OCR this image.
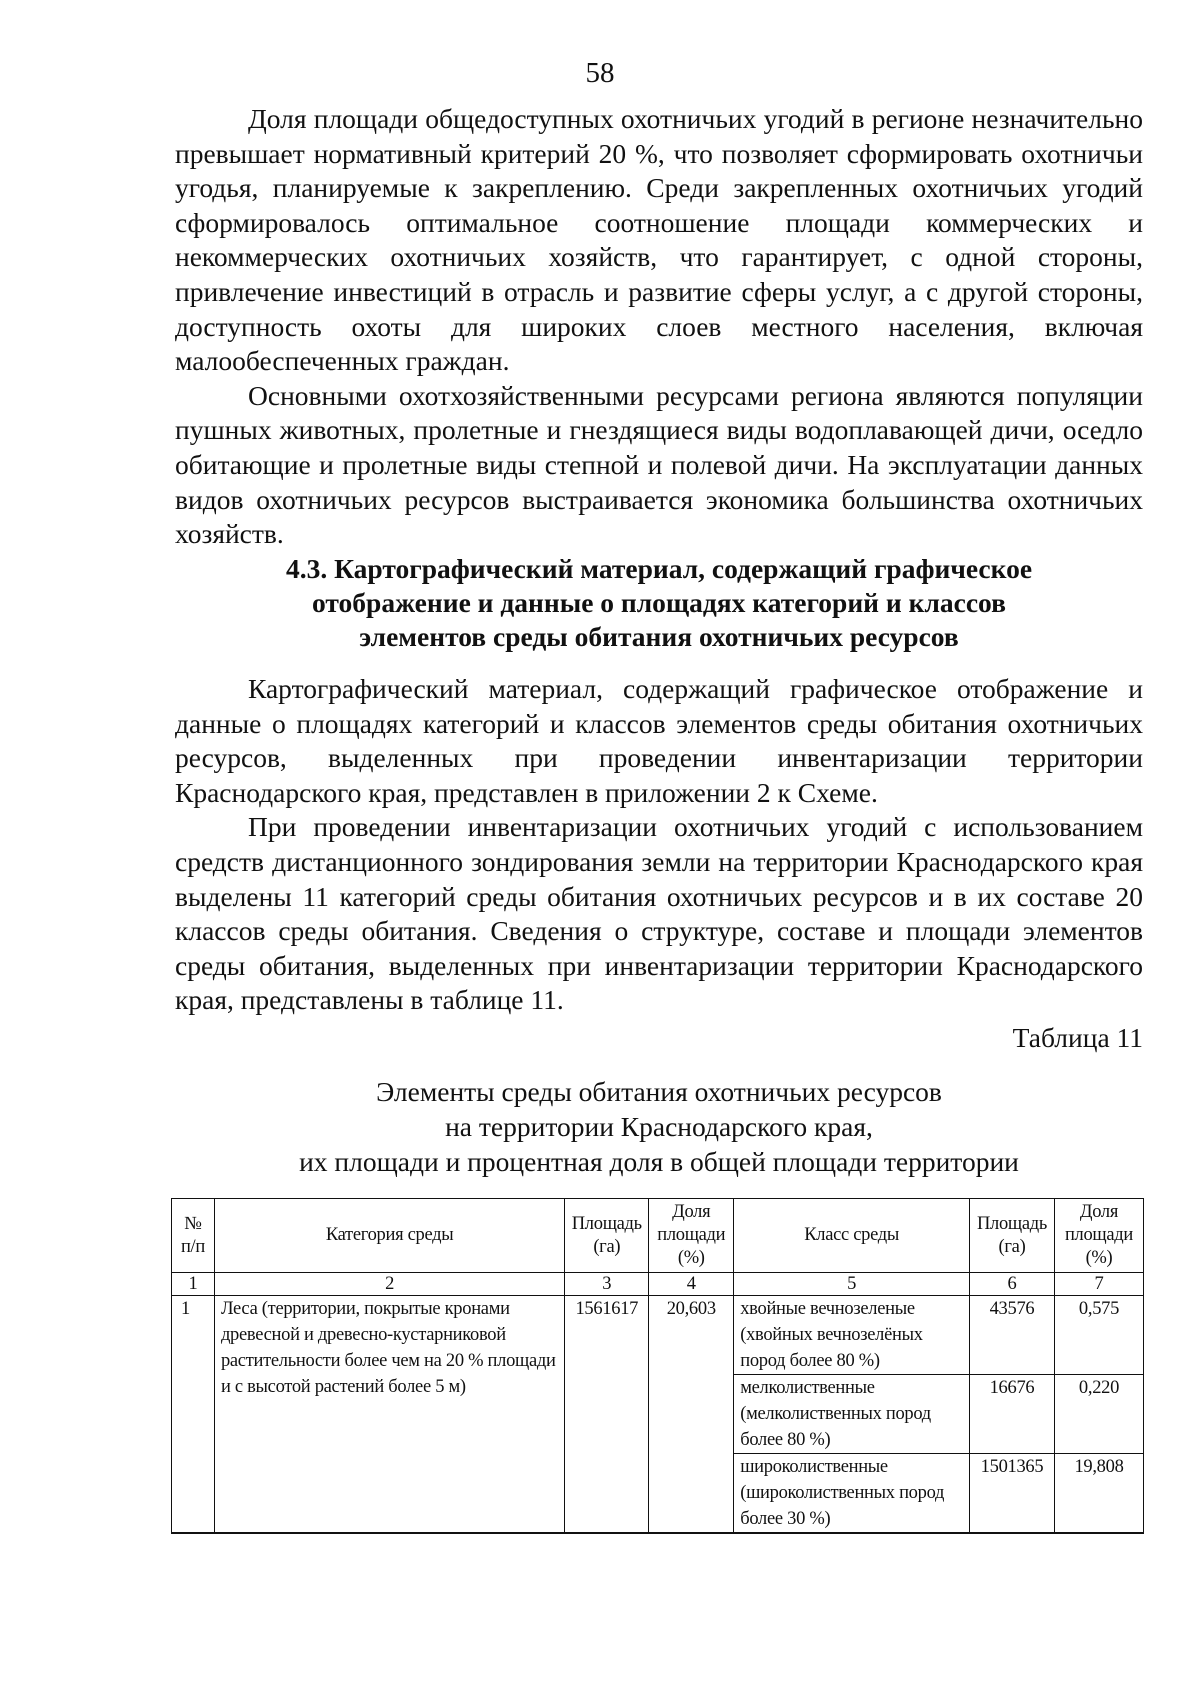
58

Доля площади общедоступных охотничьих угодий в регионе незначительно превышает нормативный критерий 20 %, что позволяет сформировать охотничьи угодья, планируемые к закреплению. Среди закрепленных охотничьих угодий сформировалось оптимальное соотношение площади коммерческих и некоммерческих охотничьих хозяйств, что гарантирует, с одной стороны, привлечение инвестиций в отрасль и развитие сферы услуг, а с другой стороны, доступность охоты для широких слоев местного населения, включая малообеспеченных граждан.

Основными охотхозяйственными ресурсами региона являются популяции пушных животных, пролетные и гнездящиеся виды водоплавающей дичи, оседло обитающие и пролетные виды степной и полевой дичи. На эксплуатации данных видов охотничьих ресурсов выстраивается экономика большинства охотничьих хозяйств.

4.3. Картографический материал, содержащий графическое
отображение и данные о площадях категорий и классов
элементов среды обитания охотничьих ресурсов

Картографический материал, содержащий графическое отображение и данные о площадях категорий и классов элементов среды обитания охотничьих ресурсов, выделенных при проведении инвентаризации территории Краснодарского края, представлен в приложении 2 к Схеме.

При проведении инвентаризации охотничьих угодий с использованием средств дистанционного зондирования земли на территории Краснодарского края выделены 11 категорий среды обитания охотничьих ресурсов и в их составе 20 классов среды обитания. Сведения о структуре, составе и площади элементов среды обитания, выделенных при инвентаризации территории Краснодарского края, представлены в таблице 11.

Таблица 11
Элементы среды обитания охотничьих ресурсов
на территории Краснодарского края,
их площади и процентная доля в общей площади территории
№ п/п	Категория среды	Площадь (га)	Доля площади (%)	Класс среды	Площадь (га)	Доля площади (%)
1	2	3	4	5	6	7
1	Леса (территории, покрытые кронами древесной и древесно-кустарниковой растительности более чем на 20 % площади и с высотой растений более 5 м)	1561617	20,603	хвойные вечнозеленые (хвойных вечнозелёных пород более 80 %)	43576	0,575
				мелколиственные (мелколиственных пород более 80 %)	16676	0,220
				широколиственные (широколиственных пород более 30 %)	1501365	19,808
